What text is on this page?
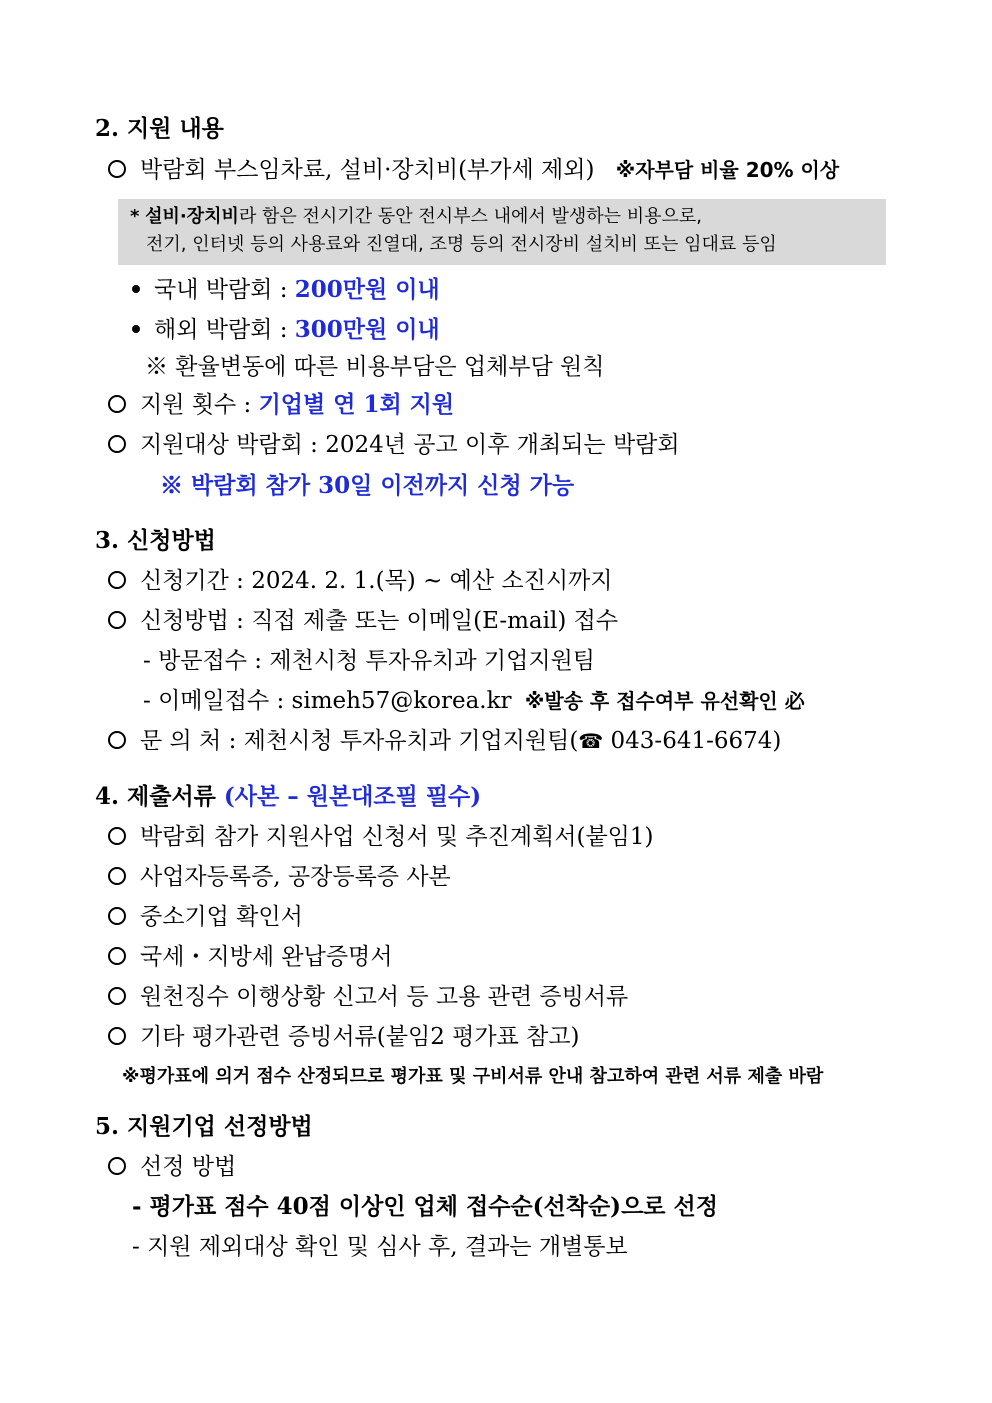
2. 지원 내용
박람회 부스임차료, 설비·장치비(부가세 제외) ※자부담 비율 20% 이상
* 설비·장치비라 함은 전시기간 동안 전시부스 내에서 발생하는 비용으로,
전기, 인터넷 등의 사용료와 진열대, 조명 등의 전시장비 설치비 또는 임대료 등임
국내 박람회 : 200만원 이내
해외 박람회 : 300만원 이내
※ 환율변동에 따른 비용부담은 업체부담 원칙
지원 횟수 : 기업별 연 1회 지원
지원대상 박람회 : 2024년 공고 이후 개최되는 박람회
※ 박람회 참가 30일 이전까지 신청 가능
3. 신청방법
신청기간 : 2024. 2. 1.(목) ~ 예산 소진시까지
신청방법 : 직접 제출 또는 이메일(E-mail) 접수
- 방문접수 : 제천시청 투자유치과 기업지원팀
- 이메일접수 : simeh57@korea.kr ※발송 후 접수여부 유선확인 必
문 의 처 : 제천시청 투자유치과 기업지원팀(☎ 043-641-6674)
4. 제출서류 (사본 – 원본대조필 필수)
박람회 참가 지원사업 신청서 및 추진계획서(붙임1)
사업자등록증, 공장등록증 사본
중소기업 확인서
국세・지방세 완납증명서
원천징수 이행상황 신고서 등 고용 관련 증빙서류
기타 평가관련 증빙서류(붙임2 평가표 참고)
※평가표에 의거 점수 산정되므로 평가표 및 구비서류 안내 참고하여 관련 서류 제출 바람
5. 지원기업 선정방법
선정 방법
- 평가표 점수 40점 이상인 업체 접수순(선착순)으로 선정
- 지원 제외대상 확인 및 심사 후, 결과는 개별통보
